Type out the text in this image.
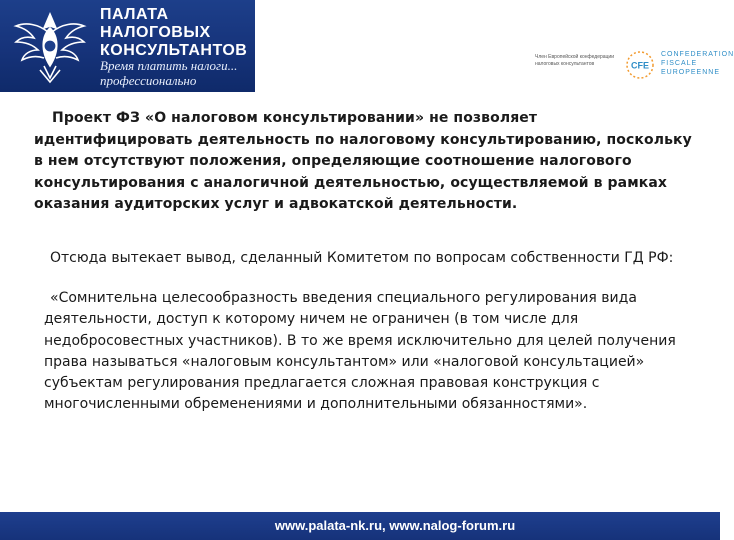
ПАЛАТА
НАЛОГОВЫХ
КОНСУЛЬТАНТОВ
Время платить налоги...
профессионально
Член Европейской конфедерации налоговых консультантов	CFE
CONFEDERATION
FISCALE
EUROPEENNE

Проект ФЗ «О налоговом консультировании» не позволяет идентифицировать деятельность по налоговому консультированию, поскольку в нем отсутствуют положения, определяющие соотношение налогового консультирования с аналогичной деятельностью, осуществляемой в рамках оказания аудиторских услуг и адвокатской деятельности.

Отсюда вытекает вывод, сделанный Комитетом по вопросам собственности ГД РФ:

«Сомнительна целесообразность введения специального регулирования вида деятельности, доступ к которому ничем не ограничен (в том числе для недобросовестных участников). В то же время исключительно для целей получения права называться «налоговым консультантом» или «налоговой консультацией» субъектам регулирования предлагается сложная правовая конструкция с многочисленными обременениями и дополнительными обязанностями».

www.palata-nk.ru, www.nalog-forum.ru
